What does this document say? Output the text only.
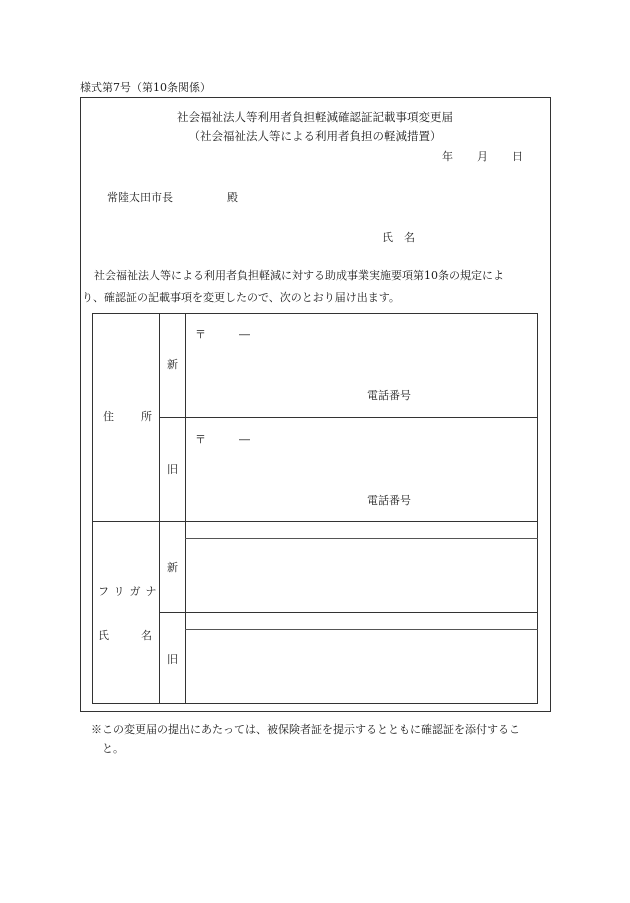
様式第7号（第10条関係）
社会福祉法人等利用者負担軽減確認証記載事項変更届
（社会福祉法人等による利用者負担の軽減措置）
年 月 日
常陸太田市長	殿
氏　名
社会福祉法人等による利用者負担軽減に対する助成事業実施要項第10条の規定によ
り、確認証の記載事項を変更したので、次のとおり届け出ます。
住 所
新
〒	―
電話番号
旧
〒	―
電話番号
フリガナ
氏	名
新
旧
※この変更届の提出にあたっては、被保険者証を提示するとともに確認証を添付するこ
と。
